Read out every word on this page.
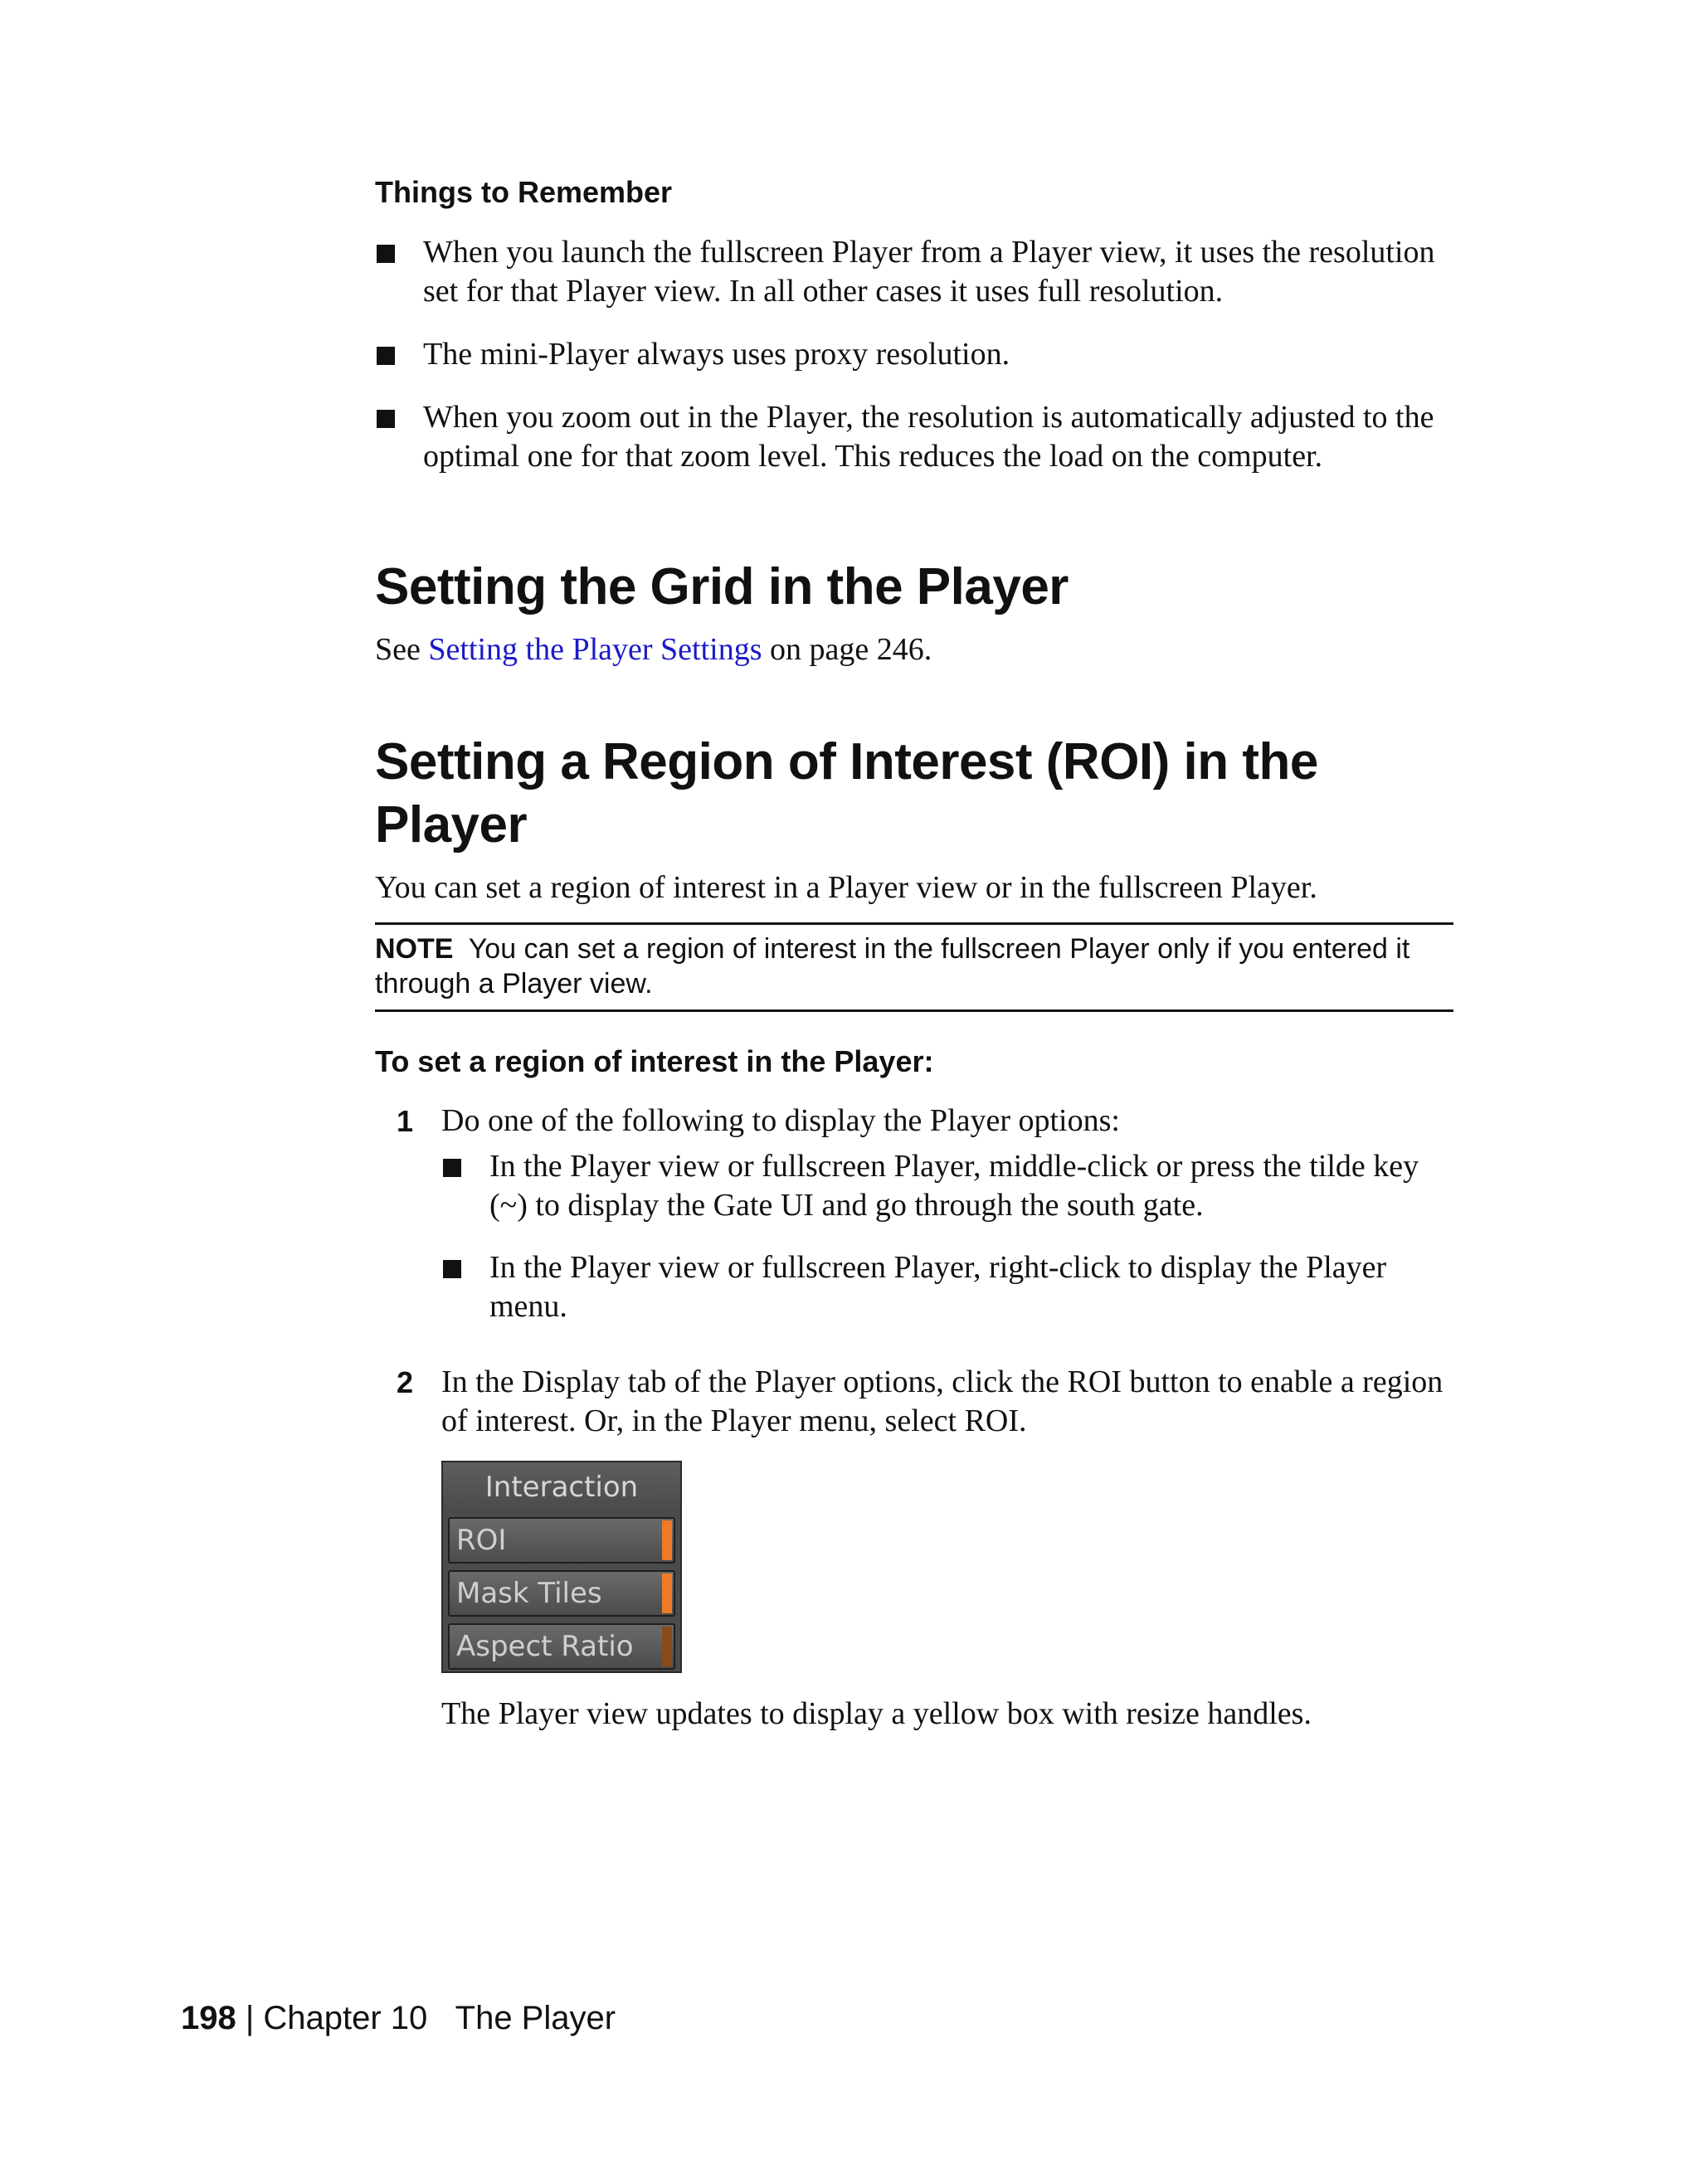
Things to Remember

When you launch the fullscreen Player from a Player view, it uses the resolution set for that Player view. In all other cases it uses full resolution.
The mini-Player always uses proxy resolution.
When you zoom out in the Player, the resolution is automatically adjusted to the optimal one for that zoom level. This reduces the load on the computer.
Setting the Grid in the Player

See Setting the Player Settings on page 246.

Setting a Region of Interest (ROI) in the Player

You can set a region of interest in a Player view or in the fullscreen Player.

NOTE You can set a region of interest in the fullscreen Player only if you entered it through a Player view.

To set a region of interest in the Player:

1 Do one of the following to display the Player options:

In the Player view or fullscreen Player, middle-click or press the tilde key (~) to display the Gate UI and go through the south gate.
In the Player view or fullscreen Player, right-click to display the Player menu.
2 In the Display tab of the Player options, click the ROI button to enable a region of interest. Or, in the Player menu, select ROI.

Interaction
ROI
Mask Tiles
Aspect Ratio

The Player view updates to display a yellow box with resize handles.

198 | Chapter 10 The Player
